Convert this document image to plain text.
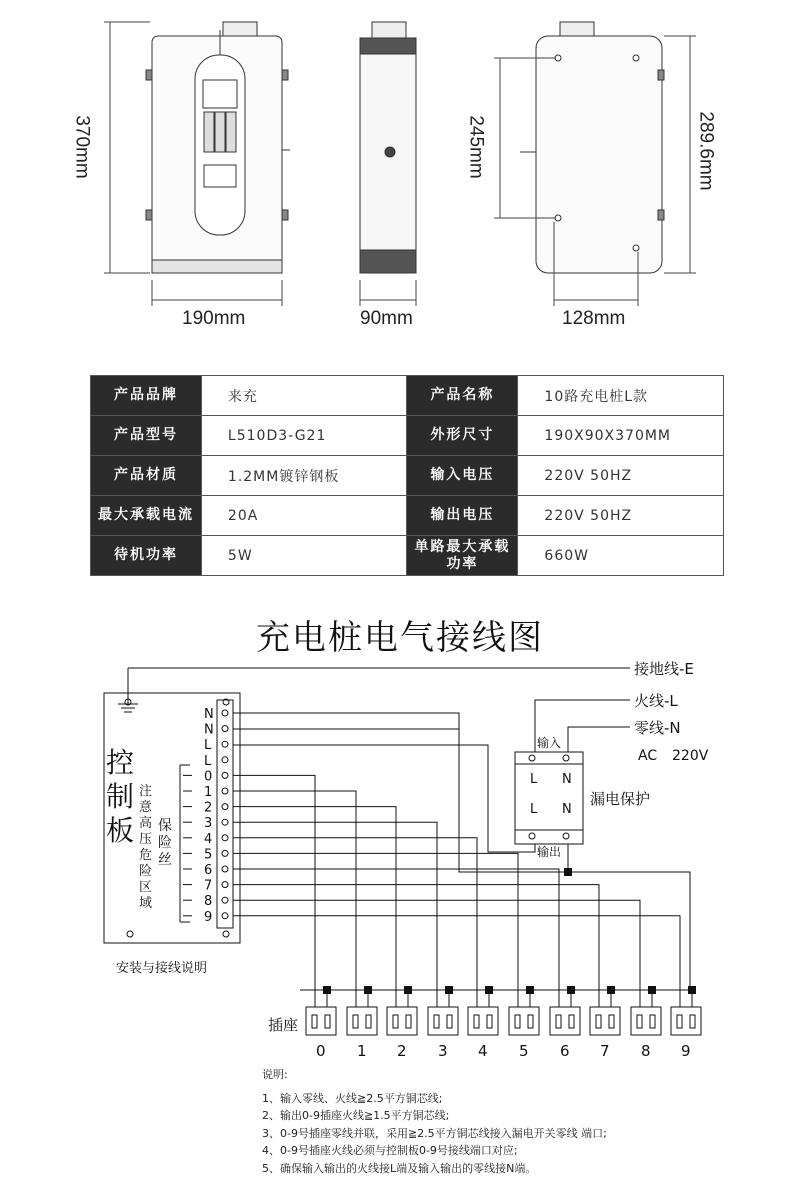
370mm
190mm	90mm
245mm
128mm
289.6mm
产品品牌	来充	产品名称	10路充电桩L款
产品型号	L510D3-G21	外形尺寸	190X90X370MM
产品材质	1.2MM镀锌钢板	输入电压	220V 50HZ
最大承载电流	20A	输出电压	220V 50HZ
待机功率	5W	单路最大承载功率	660W
充电桩电气接线图
0 1 2 3 4 5 6 7 8 9
N
N
L
L
0
1
2
3
4
5
6
7
8
9
控
制
板
注
意
高
压
危
险
区
域
保
险
丝
接地线-E
火线-L
零线-N
AC 220V
输入
输出
漏电保护
L N
L N
安装与接线说明
插座
说明:
1、输入零线、火线≧2.5平方铜芯线;
2、输出0-9插座火线≧1.5平方铜芯线;
3、0-9号插座零线并联，采用≧2.5平方铜芯线接入漏电开关零线 端口;
4、0-9号插座火线必须与控制板0-9号接线端口对应;
5、确保输入输出的火线接L端及输入输出的零线接N端。
